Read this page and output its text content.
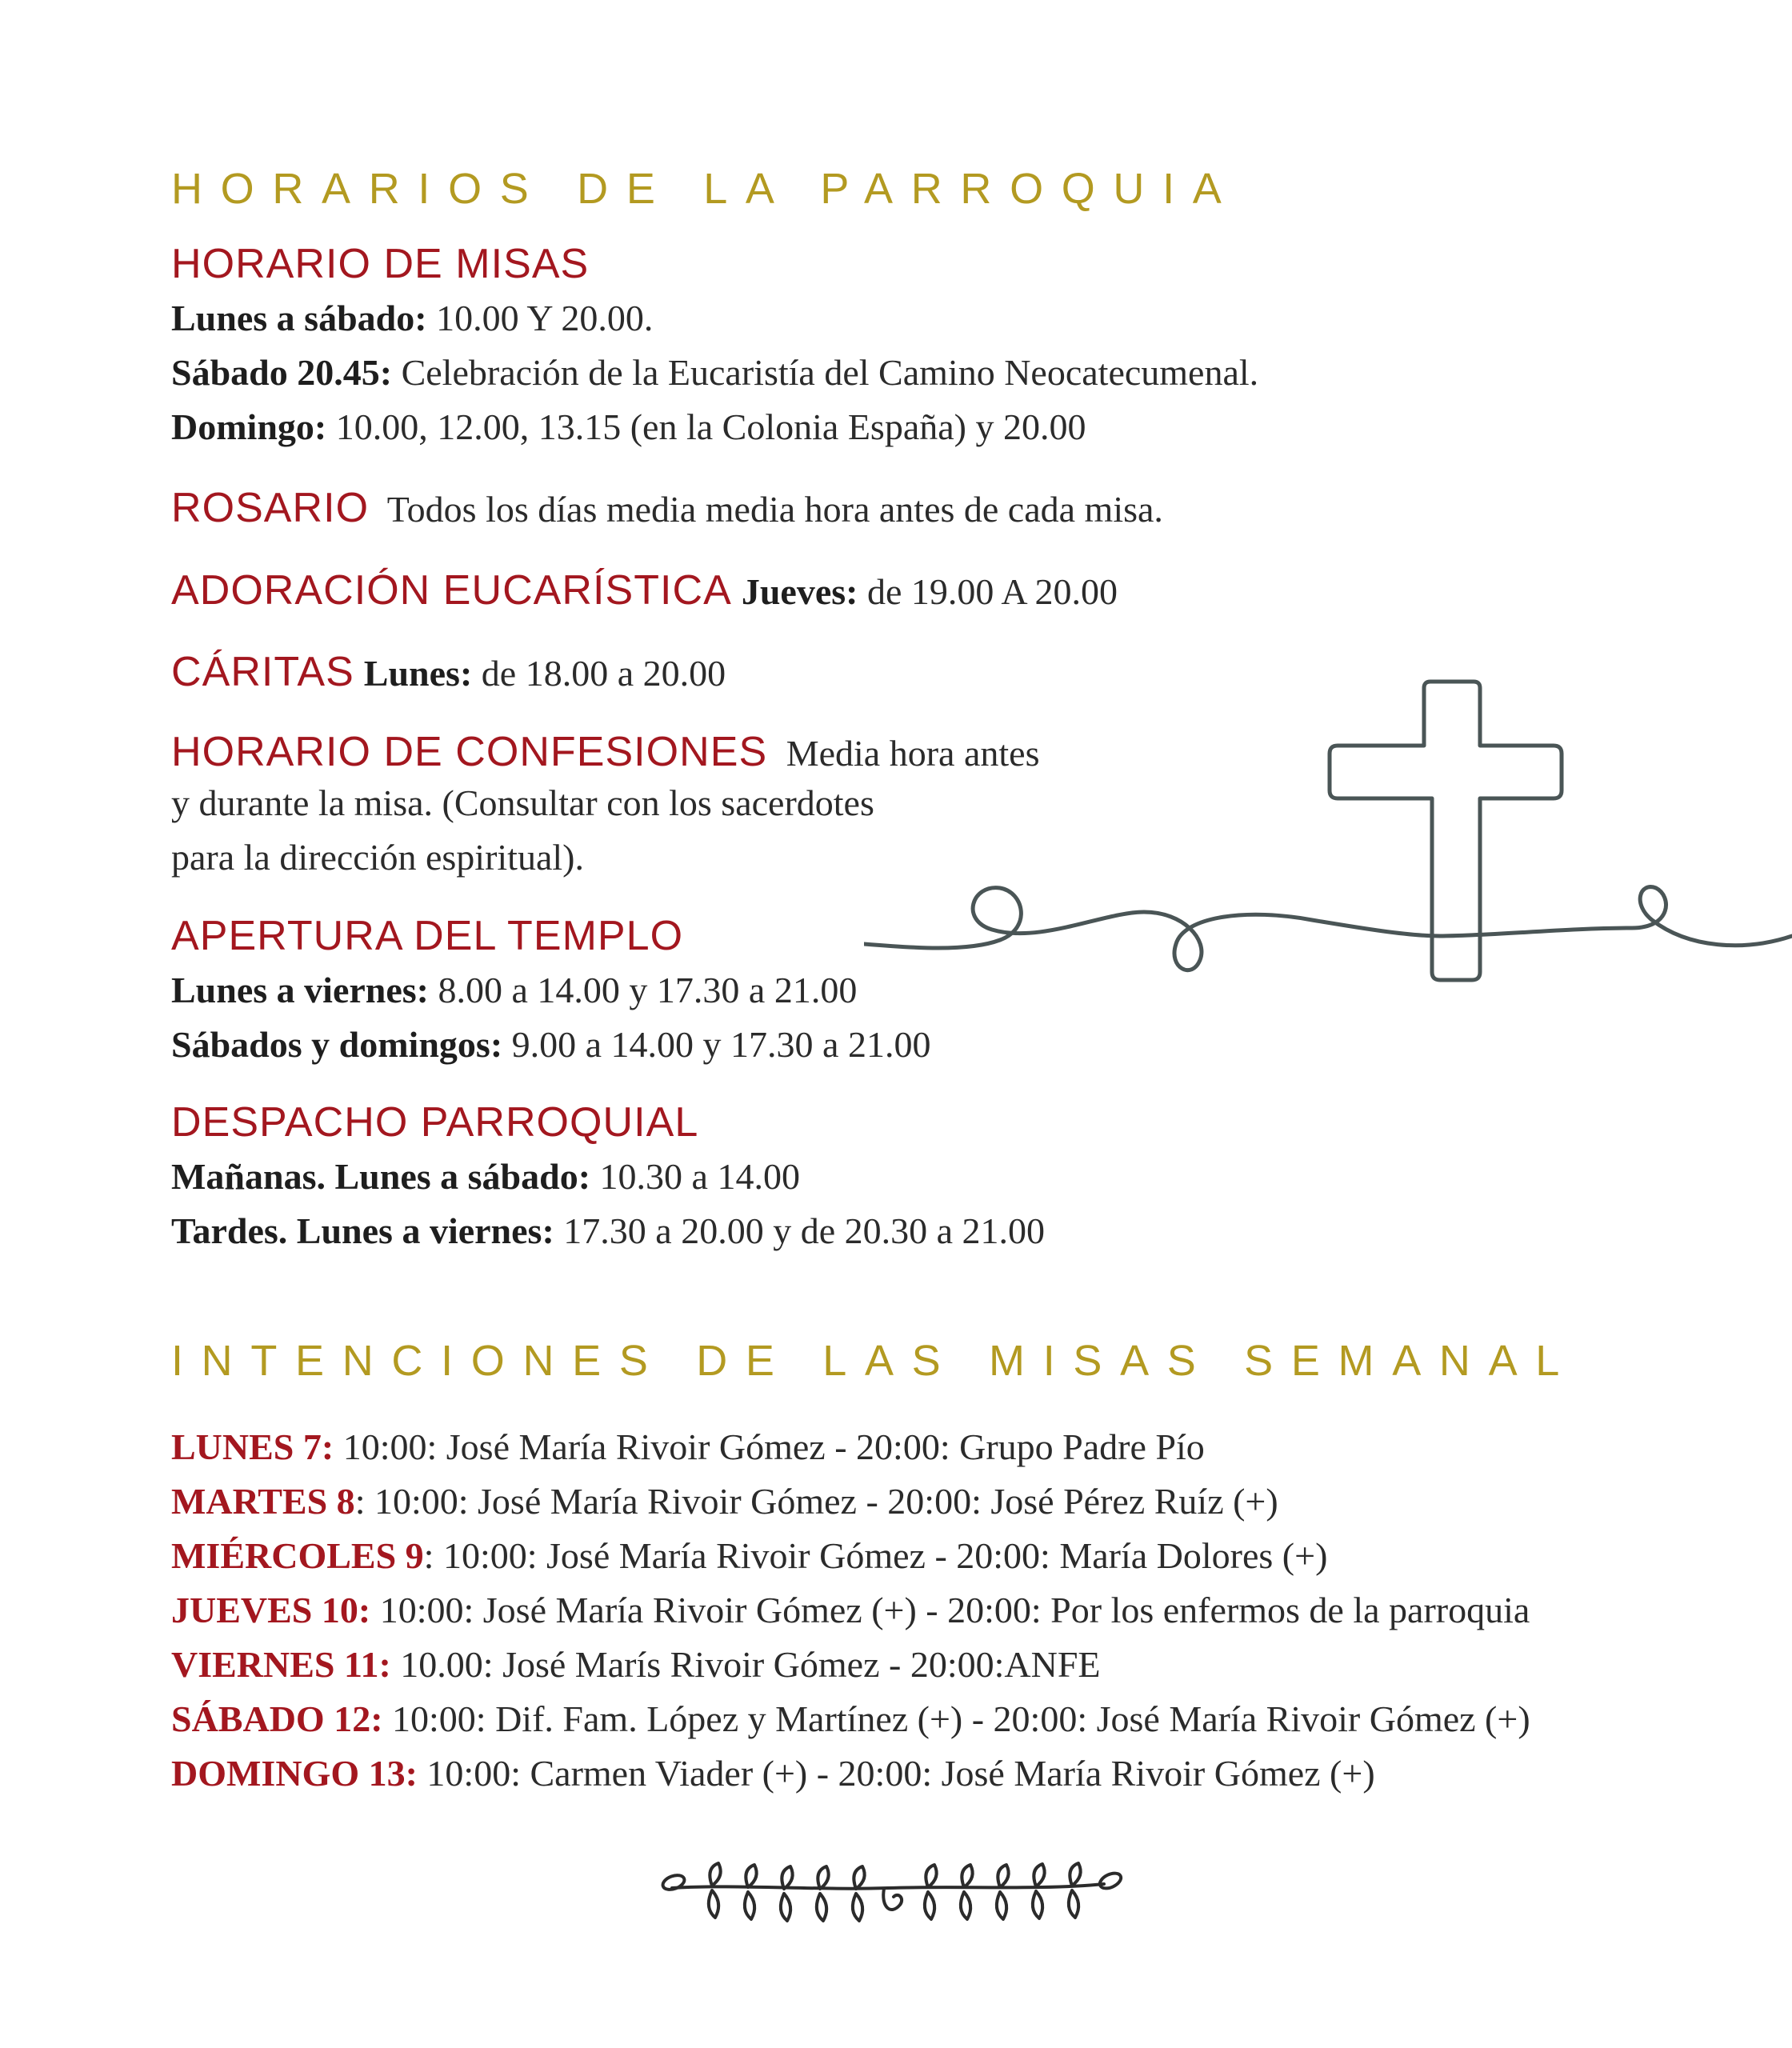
HORARIOS DE LA PARROQUIA
HORARIO DE MISAS
Lunes a sábado: 10.00 Y 20.00.
Sábado 20.45: Celebración de la Eucaristía del Camino Neocatecumenal.
Domingo: 10.00, 12.00, 13.15 (en la Colonia España) y 20.00
ROSARIO Todos los días media media hora antes de cada misa.
ADORACIÓN EUCARÍSTICA Jueves: de 19.00 A 20.00
CÁRITAS Lunes: de 18.00 a 20.00
HORARIO DE CONFESIONES Media hora antes
y durante la misa. (Consultar con los sacerdotes
para la dirección espiritual).
APERTURA DEL TEMPLO
Lunes a viernes: 8.00 a 14.00 y 17.30 a 21.00
Sábados y domingos: 9.00 a 14.00 y 17.30 a 21.00
DESPACHO PARROQUIAL
Mañanas. Lunes a sábado: 10.30 a 14.00
Tardes. Lunes a viernes: 17.30 a 20.00 y de 20.30 a 21.00
INTENCIONES DE LAS MISAS SEMANAL
LUNES 7: 10:00: José María Rivoir Gómez - 20:00: Grupo Padre Pío
MARTES 8: 10:00: José María Rivoir Gómez - 20:00: José Pérez Ruíz (+)
MIÉRCOLES 9: 10:00: José María Rivoir Gómez - 20:00: María Dolores (+)
JUEVES 10: 10:00: José María Rivoir Gómez (+) - 20:00: Por los enfermos de la parroquia
VIERNES 11: 10.00: José Marís Rivoir Gómez - 20:00:ANFE
SÁBADO 12: 10:00: Dif. Fam. López y Martínez (+) - 20:00: José María Rivoir Gómez (+)
DOMINGO 13: 10:00: Carmen Viader (+) - 20:00: José María Rivoir Gómez (+)
